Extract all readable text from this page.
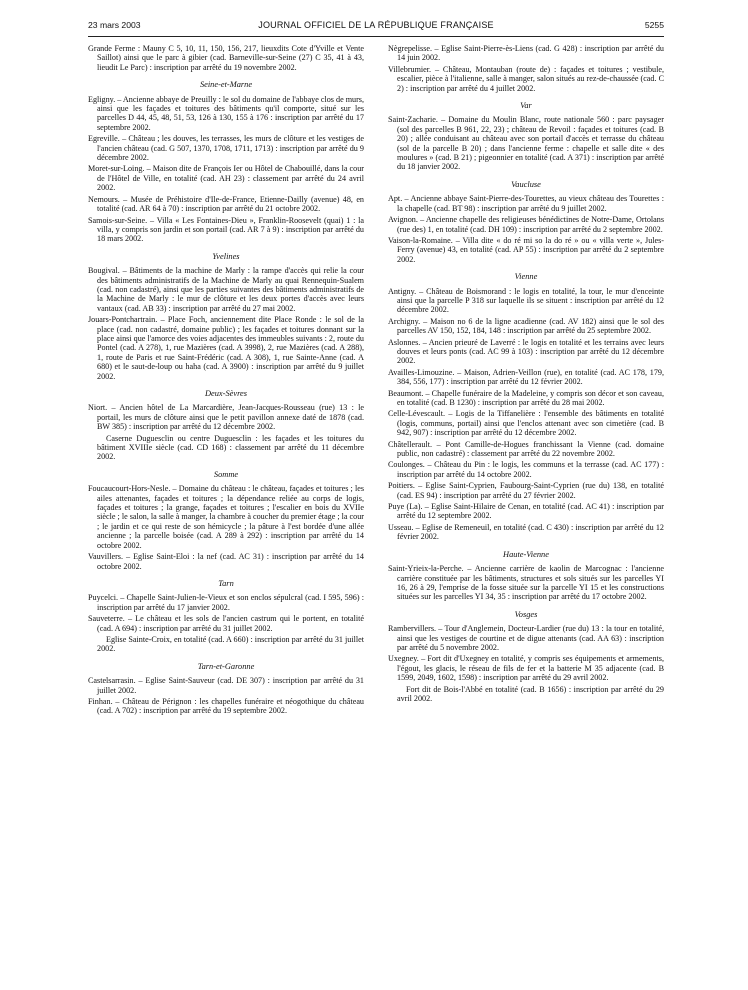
23 mars 2003	JOURNAL OFFICIEL DE LA RÉPUBLIQUE FRANÇAISE	5255
Grande Ferme : Mauny C 5, 10, 11, 150, 156, 217, lieuxdits Cote d'Yville et Vente Saillot) ainsi que le parc à gibier (cad. Barneville-sur-Seine (27) C 35, 41 à 43, lieudit Le Parc) : inscription par arrêté du 19 novembre 2002.
Seine-et-Marne
Egligny. – Ancienne abbaye de Preuilly : le sol du domaine de l'abbaye clos de murs, ainsi que les façades et toitures des bâtiments qu'il comporte, situé sur les parcelles D 44, 45, 48, 51, 53, 126 à 130, 155 à 176 : inscription par arrêté du 17 septembre 2002.
Egreville. – Château ; les douves, les terrasses, les murs de clôture et les vestiges de l'ancien château (cad. G 507, 1370, 1708, 1711, 1713) : inscription par arrêté du 9 décembre 2002.
Moret-sur-Loing. – Maison dite de François Ier ou Hôtel de Chabouillé, dans la cour de l'Hôtel de Ville, en totalité (cad. AH 23) : classement par arrêté du 24 avril 2002.
Nemours. – Musée de Préhistoire d'Ile-de-France, Etienne-Dailly (avenue) 48, en totalité (cad. AR 64 à 70) : inscription par arrêté du 21 octobre 2002.
Samois-sur-Seine. – Villa « Les Fontaines-Dieu », Franklin-Roosevelt (quai) 1 : la villa, y compris son jardin et son portail (cad. AR 7 à 9) : inscription par arrêté du 18 mars 2002.
Yvelines
Bougival. – Bâtiments de la machine de Marly : la rampe d'accès qui relie la cour des bâtiments administratifs de la Machine de Marly au quai Rennequin-Sualem (cad. non cadastré), ainsi que les parties suivantes des bâtiments administratifs de la Machine de Marly : le mur de clôture et les deux portes d'accès avec leurs vantaux (cad. AB 33) : inscription par arrêté du 27 mai 2002.
Jouars-Pontchartrain. – Place Foch, anciennement dite Place Ronde : le sol de la place (cad. non cadastré, domaine public) ; les façades et toitures donnant sur la place ainsi que l'amorce des voies adjacentes des immeubles suivants : 2, route du Pontel (cad. A 278), 1, rue Mazières (cad. A 3998), 2, rue Mazières (cad. A 288), 1, route de Paris et rue Saint-Frédéric (cad. A 308), 1, rue Sainte-Anne (cad. A 680) et le saut-de-loup ou haha (cad. A 3900) : inscription par arrêté du 9 juillet 2002.
Deux-Sèvres
Niort. – Ancien hôtel de La Marcardière, Jean-Jacques-Rousseau (rue) 13 : le portail, les murs de clôture ainsi que le petit pavillon annexe daté de 1878 (cad. BW 385) : inscription par arrêté du 12 décembre 2002.
Caserne Duguesclin ou centre Duguesclin : les façades et les toitures du bâtiment XVIIIe siècle (cad. CD 168) : classement par arrêté du 11 décembre 2002.
Somme
Foucaucourt-Hors-Nesle. – Domaine du château : le château, façades et toitures ; les ailes attenantes, façades et toitures ; la dépendance reliée au corps de logis, façades et toitures ; la grange, façades et toitures ; l'escalier en bois du XVIIe siècle ; le salon, la salle à manger, la chambre à coucher du premier étage ; la cour ; le jardin et ce qui reste de son hémicycle ; la pâture à l'est bordée d'une allée ancienne ; la parcelle boisée (cad. A 289 à 292) : inscription par arrêté du 14 octobre 2002.
Vauvillers. – Eglise Saint-Eloi : la nef (cad. AC 31) : inscription par arrêté du 14 octobre 2002.
Tarn
Puycelci. – Chapelle Saint-Julien-le-Vieux et son enclos sépulcral (cad. I 595, 596) : inscription par arrêté du 17 janvier 2002.
Sauveterre. – Le château et les sols de l'ancien castrum qui le portent, en totalité (cad. A 694) : inscription par arrêté du 31 juillet 2002.
Eglise Sainte-Croix, en totalité (cad. A 660) : inscription par arrêté du 31 juillet 2002.
Tarn-et-Garonne
Castelsarrasin. – Eglise Saint-Sauveur (cad. DE 307) : inscription par arrêté du 31 juillet 2002.
Finhan. – Château de Pérignon : les chapelles funéraire et néogothique du château (cad. A 702) : inscription par arrêté du 19 septembre 2002.
Nègrepelisse. – Eglise Saint-Pierre-ès-Liens (cad. G 428) : inscription par arrêté du 14 juin 2002.
Villebrumier. – Château, Montauban (route de) : façades et toitures ; vestibule, escalier, pièce à l'italienne, salle à manger, salon situés au rez-de-chaussée (cad. C 2) : inscription par arrêté du 4 juillet 2002.
Var
Saint-Zacharie. – Domaine du Moulin Blanc, route nationale 560 : parc paysager (sol des parcelles B 961, 22, 23) ; château de Revoil : façades et toitures (cad. B 20) ; allée conduisant au château avec son portail d'accès et terrasse du château (sol de la parcelle B 20) ; dans l'ancienne ferme : chapelle et salle dite « des moulures » (cad. B 21) ; pigeonnier en totalité (cad. A 371) : inscription par arrêté du 18 janvier 2002.
Vaucluse
Apt. – Ancienne abbaye Saint-Pierre-des-Tourettes, au vieux château des Tourettes : la chapelle (cad. BT 98) : inscription par arrêté du 9 juillet 2002.
Avignon. – Ancienne chapelle des religieuses bénédictines de Notre-Dame, Ortolans (rue des) 1, en totalité (cad. DH 109) : inscription par arrêté du 2 septembre 2002.
Vaison-la-Romaine. – Villa dite « do ré mi so la do ré » ou « villa verte », Jules-Ferry (avenue) 43, en totalité (cad. AP 55) : inscription par arrêté du 2 septembre 2002.
Vienne
Antigny. – Château de Boismorand : le logis en totalité, la tour, le mur d'enceinte ainsi que la parcelle P 318 sur laquelle ils se situent : inscription par arrêté du 12 décembre 2002.
Archigny. – Maison no 6 de la ligne acadienne (cad. AV 182) ainsi que le sol des parcelles AV 150, 152, 184, 148 : inscription par arrêté du 25 septembre 2002.
Aslonnes. – Ancien prieuré de Laverré : le logis en totalité et les terrains avec leurs douves et leurs ponts (cad. AC 99 à 103) : inscription par arrêté du 12 décembre 2002.
Availles-Limouzine. – Maison, Adrien-Veillon (rue), en totalité (cad. AC 178, 179, 384, 556, 177) : inscription par arrêté du 12 février 2002.
Beaumont. – Chapelle funéraire de la Madeleine, y compris son décor et son caveau, en totalité (cad. B 1230) : inscription par arrêté du 28 mai 2002.
Celle-Lévescault. – Logis de la Tiffanelière : l'ensemble des bâtiments en totalité (logis, communs, portail) ainsi que l'enclos attenant avec son cimetière (cad. B 942, 907) : inscription par arrêté du 12 décembre 2002.
Châtellerault. – Pont Camille-de-Hogues franchissant la Vienne (cad. domaine public, non cadastré) : classement par arrêté du 22 novembre 2002.
Coulonges. – Château du Pin : le logis, les communs et la terrasse (cad. AC 177) : inscription par arrêté du 14 octobre 2002.
Poitiers. – Eglise Saint-Cyprien, Faubourg-Saint-Cyprien (rue du) 138, en totalité (cad. ES 94) : inscription par arrêté du 27 février 2002.
Puye (La). – Eglise Saint-Hilaire de Cenan, en totalité (cad. AC 41) : inscription par arrêté du 12 septembre 2002.
Usseau. – Eglise de Remeneuil, en totalité (cad. C 430) : inscription par arrêté du 12 février 2002.
Haute-Vienne
Saint-Yrieix-la-Perche. – Ancienne carrière de kaolin de Marcognac : l'ancienne carrière constituée par les bâtiments, structures et sols situés sur les parcelles YI 16, 26 à 29, l'emprise de la fosse située sur la parcelle YI 15 et les constructions situées sur les parcelles YI 34, 35 : inscription par arrêté du 17 octobre 2002.
Vosges
Rambervillers. – Tour d'Anglemein, Docteur-Lardier (rue du) 13 : la tour en totalité, ainsi que les vestiges de courtine et de digue attenants (cad. AA 63) : inscription par arrêté du 5 novembre 2002.
Uxegney. – Fort dit d'Uxegney en totalité, y compris ses équipements et armements, l'égout, les glacis, le réseau de fils de fer et la batterie M 35 adjacente (cad. B 1599, 2049, 1602, 1598) : inscription par arrêté du 29 avril 2002.
Fort dit de Bois-l'Abbé en totalité (cad. B 1656) : inscription par arrêté du 29 avril 2002.
